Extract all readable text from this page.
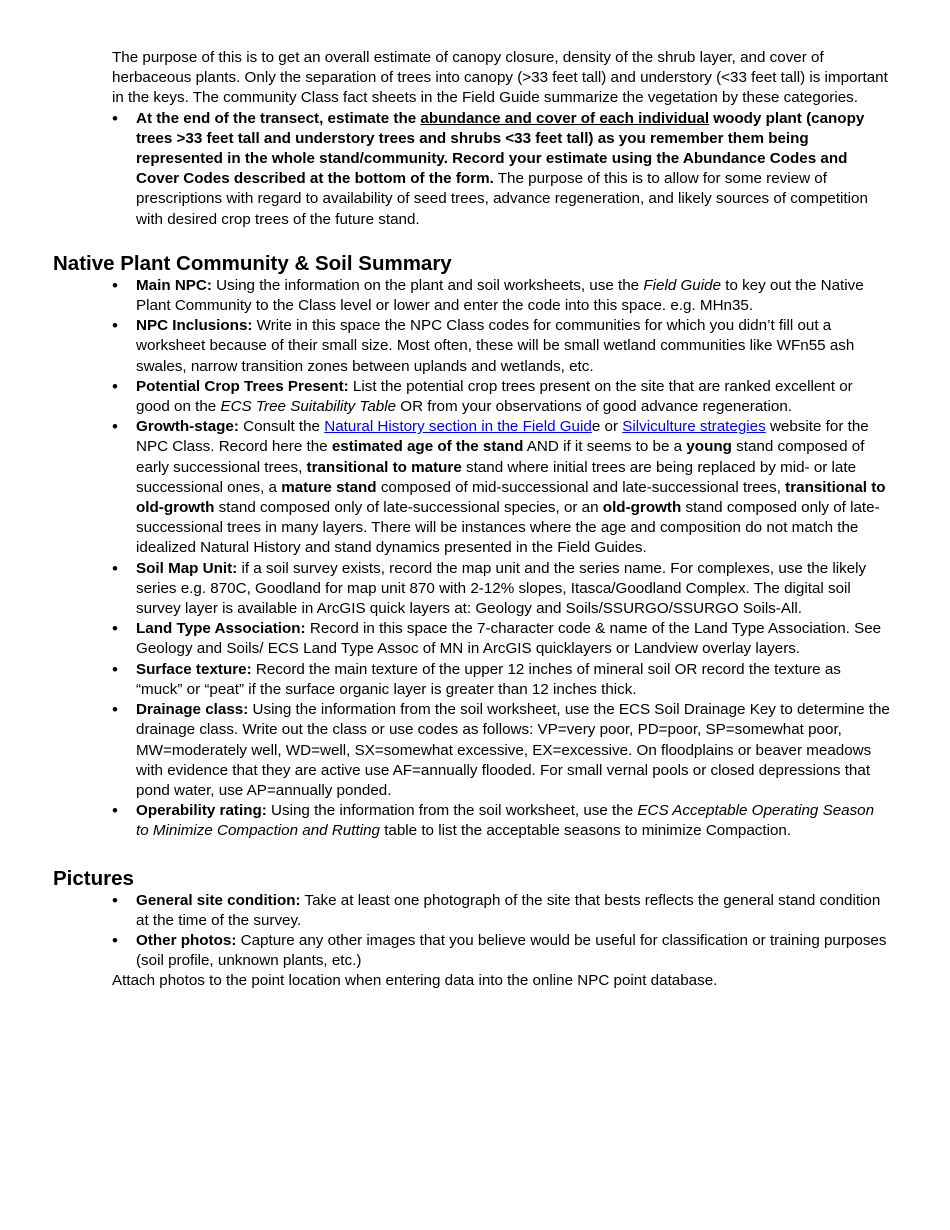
The purpose of this is to get an overall estimate of canopy closure, density of the shrub layer, and cover of herbaceous plants. Only the separation of trees into canopy (>33 feet tall) and understory (<33 feet tall) is important in the keys. The community Class fact sheets in the Field Guide summarize the vegetation by these categories.

• At the end of the transect, estimate the abundance and cover of each individual woody plant (canopy trees >33 feet tall and understory trees and shrubs <33 feet tall) as you remember them being represented in the whole stand/community. Record your estimate using the Abundance Codes and Cover Codes described at the bottom of the form. The purpose of this is to allow for some review of prescriptions with regard to availability of seed trees, advance regeneration, and likely sources of competition with desired crop trees of the future stand.
Native Plant Community & Soil Summary
• Main NPC: Using the information on the plant and soil worksheets, use the Field Guide to key out the Native Plant Community to the Class level or lower and enter the code into this space. e.g. MHn35.
• NPC Inclusions: Write in this space the NPC Class codes for communities for which you didn’t fill out a worksheet because of their small size. Most often, these will be small wetland communities like WFn55 ash swales, narrow transition zones between uplands and wetlands, etc.
• Potential Crop Trees Present: List the potential crop trees present on the site that are ranked excellent or good on the ECS Tree Suitability Table OR from your observations of good advance regeneration.
• Growth-stage: Consult the Natural History section in the Field Guide or Silviculture strategies website for the NPC Class. Record here the estimated age of the stand AND if it seems to be a young stand composed of early successional trees, transitional to mature stand where initial trees are being replaced by mid- or late successional ones, a mature stand composed of mid-successional and late-successional trees, transitional to old-growth stand composed only of late-successional species, or an old-growth stand composed only of late-successional trees in many layers. There will be instances where the age and composition do not match the idealized Natural History and stand dynamics presented in the Field Guides.
• Soil Map Unit: if a soil survey exists, record the map unit and the series name. For complexes, use the likely series e.g. 870C, Goodland for map unit 870 with 2-12% slopes, Itasca/Goodland Complex. The digital soil survey layer is available in ArcGIS quick layers at: Geology and Soils/SSURGO/SSURGO Soils-All.
• Land Type Association: Record in this space the 7-character code & name of the Land Type Association. See Geology and Soils/ ECS Land Type Assoc of MN in ArcGIS quicklayers or Landview overlay layers.
• Surface texture: Record the main texture of the upper 12 inches of mineral soil OR record the texture as “muck” or “peat” if the surface organic layer is greater than 12 inches thick.
• Drainage class: Using the information from the soil worksheet, use the ECS Soil Drainage Key to determine the drainage class. Write out the class or use codes as follows: VP=very poor, PD=poor, SP=somewhat poor, MW=moderately well, WD=well, SX=somewhat excessive, EX=excessive. On floodplains or beaver meadows with evidence that they are active use AF=annually flooded. For small vernal pools or closed depressions that pond water, use AP=annually ponded.
• Operability rating: Using the information from the soil worksheet, use the ECS Acceptable Operating Season to Minimize Compaction and Rutting table to list the acceptable seasons to minimize Compaction.
Pictures
• General site condition: Take at least one photograph of the site that bests reflects the general stand condition at the time of the survey.
• Other photos: Capture any other images that you believe would be useful for classification or training purposes (soil profile, unknown plants, etc.)

Attach photos to the point location when entering data into the online NPC point database.
